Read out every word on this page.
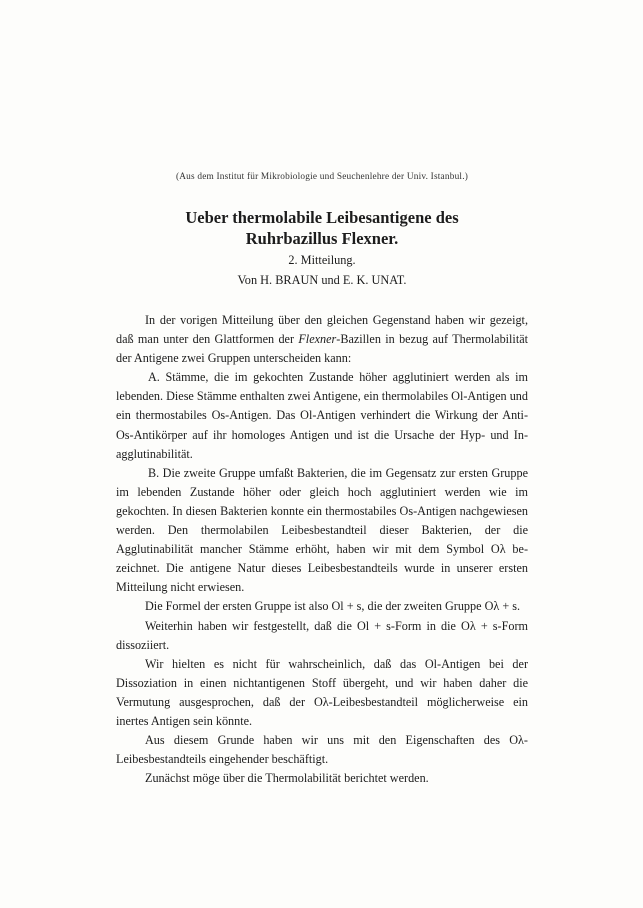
(Aus dem Institut für Mikrobiologie und Seuchenlehre der Univ. Istanbul.)
Ueber thermolabile Leibesantigene des
Ruhrbazillus Flexner.
2. Mitteilung.
Von H. BRAUN und E. K. UNAT.

In der vorigen Mitteilung über den gleichen Gegenstand haben wir gezeigt, daß man unter den Glattformen der Flexner-Bazillen in bezug auf Thermolabilität der Antigene zwei Gruppen unterscheiden kann:

A. Stämme, die im gekochten Zustande höher agglutiniert werden als im lebenden. Diese Stämme enthalten zwei Antigene, ein thermolabiles Ol-Antigen und ein thermostabiles Os-Antigen. Das Ol-Antigen verhindert die Wirkung der Anti-Os-Antikörper auf ihr homologes Antigen und ist die Ursache der Hyp- und Inagglutinabilität.

B. Die zweite Gruppe umfaßt Bakterien, die im Gegensatz zur ersten Gruppe im lebenden Zustande höher oder gleich hoch agglutiniert werden wie im gekochten. In diesen Bakterien konnte ein thermostabiles Os-Antigen nachgewiesen werden. Den thermolabilen Leibesbestandteil dieser Bakterien, der die Agglutinabilität mancher Stämme erhöht, haben wir mit dem Symbol Oλ bezeichnet. Die antigene Natur dieses Leibesbestandteils wurde in unserer ersten Mitteilung nicht erwiesen.

Die Formel der ersten Gruppe ist also Ol + s, die der zweiten Gruppe Oλ + s.

Weiterhin haben wir festgestellt, daß die Ol + s-Form in die Oλ + s-Form dissoziiert.

Wir hielten es nicht für wahrscheinlich, daß das Ol-Antigen bei der Dissoziation in einen nichtantigenen Stoff übergeht, und wir haben daher die Vermutung ausgesprochen, daß der Oλ-Leibesbestandteil möglicherweise ein inertes Antigen sein könnte.

Aus diesem Grunde haben wir uns mit den Eigenschaften des Oλ-Leibesbestandteils eingehender beschäftigt.

Zunächst möge über die Thermolabilität berichtet werden.
